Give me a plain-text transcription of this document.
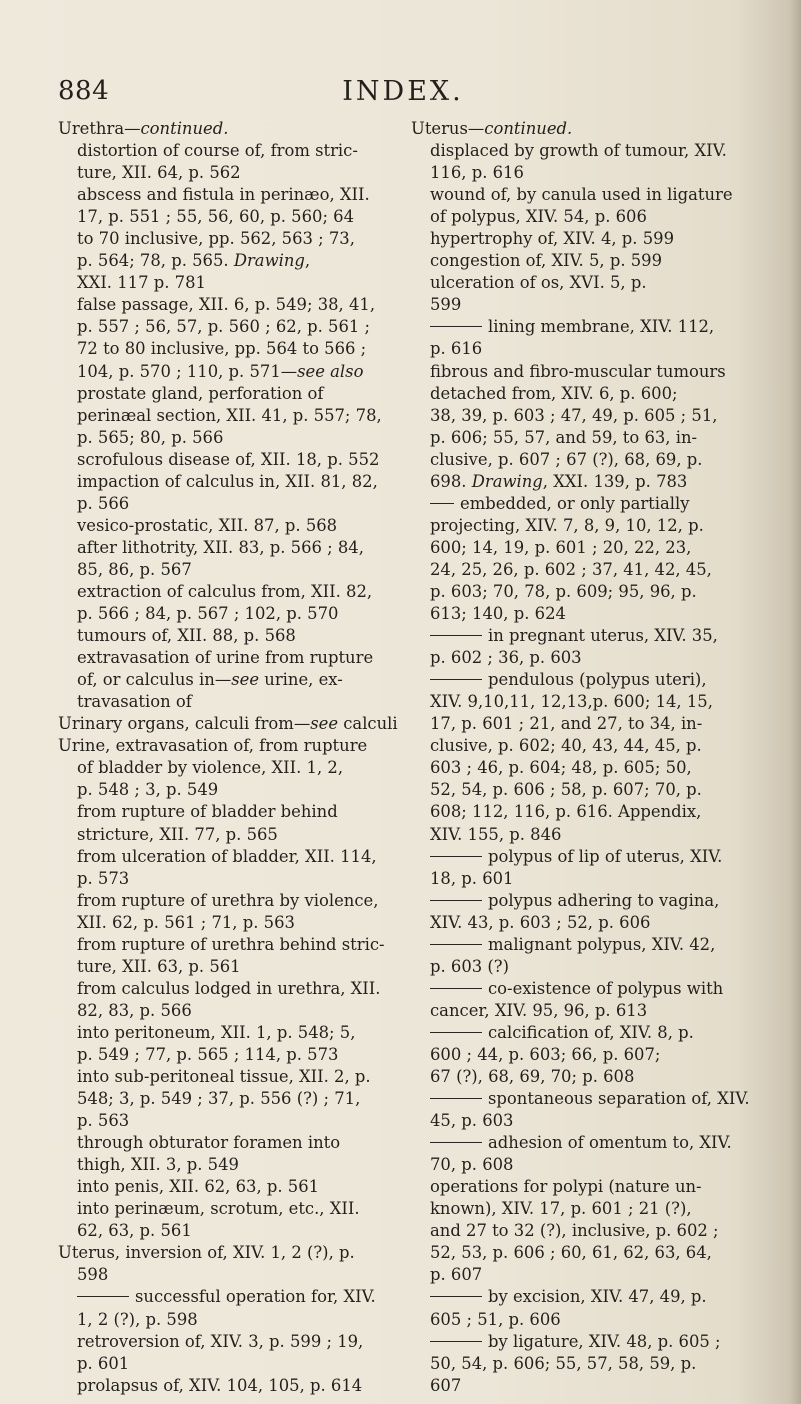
884	INDEX.
Urethra—continued.
distortion of course of, from stric-
ture, XII. 64, p. 562
abscess and fistula in perinæo, XII.
17, p. 551 ; 55, 56, 60, p. 560; 64
to 70 inclusive, pp. 562, 563 ; 73,
p. 564; 78, p. 565. Drawing,
XXI. 117 p. 781
false passage, XII. 6, p. 549; 38, 41,
p. 557 ; 56, 57, p. 560 ; 62, p. 561 ;
72 to 80 inclusive, pp. 564 to 566 ;
104, p. 570 ; 110, p. 571—see also
prostate gland, perforation of
perinæal section, XII. 41, p. 557; 78,
p. 565; 80, p. 566
scrofulous disease of, XII. 18, p. 552
impaction of calculus in, XII. 81, 82,
p. 566
vesico-prostatic, XII. 87, p. 568
after lithotrity, XII. 83, p. 566 ; 84,
85, 86, p. 567
extraction of calculus from, XII. 82,
p. 566 ; 84, p. 567 ; 102, p. 570
tumours of, XII. 88, p. 568
extravasation of urine from rupture
of, or calculus in—see urine, ex-
travasation of
Urinary organs, calculi from—see calculi
Urine, extravasation of, from rupture
of bladder by violence, XII. 1, 2,
p. 548 ; 3, p. 549
from rupture of bladder behind
stricture, XII. 77, p. 565
from ulceration of bladder, XII. 114,
p. 573
from rupture of urethra by violence,
XII. 62, p. 561 ; 71, p. 563
from rupture of urethra behind stric-
ture, XII. 63, p. 561
from calculus lodged in urethra, XII.
82, 83, p. 566
into peritoneum, XII. 1, p. 548; 5,
p. 549 ; 77, p. 565 ; 114, p. 573
into sub-peritoneal tissue, XII. 2, p.
548; 3, p. 549 ; 37, p. 556 (?) ; 71,
p. 563
through obturator foramen into
thigh, XII. 3, p. 549
into penis, XII. 62, 63, p. 561
into perinæum, scrotum, etc., XII.
62, 63, p. 561
Uterus, inversion of, XIV. 1, 2 (?), p.
598
successful operation for, XIV.
1, 2 (?), p. 598
retroversion of, XIV. 3, p. 599 ; 19,
p. 601
prolapsus of, XIV. 104, 105, p. 614
Uterus—continued.
displaced by growth of tumour, XIV.
116, p. 616
wound of, by canula used in ligature
of polypus, XIV. 54, p. 606
hypertrophy of, XIV. 4, p. 599
congestion of, XIV. 5, p. 599
ulceration of os, XVI. 5, p.
599
lining membrane, XIV. 112,
p. 616
fibrous and fibro-muscular tumours
detached from, XIV. 6, p. 600;
38, 39, p. 603 ; 47, 49, p. 605 ; 51,
p. 606; 55, 57, and 59, to 63, in-
clusive, p. 607 ; 67 (?), 68, 69, p.
698. Drawing, XXI. 139, p. 783
embedded, or only partially
projecting, XIV. 7, 8, 9, 10, 12, p.
600; 14, 19, p. 601 ; 20, 22, 23,
24, 25, 26, p. 602 ; 37, 41, 42, 45,
p. 603; 70, 78, p. 609; 95, 96, p.
613; 140, p. 624
in pregnant uterus, XIV. 35,
p. 602 ; 36, p. 603
pendulous (polypus uteri),
XIV. 9,10,11, 12,13,p. 600; 14, 15,
17, p. 601 ; 21, and 27, to 34, in-
clusive, p. 602; 40, 43, 44, 45, p.
603 ; 46, p. 604; 48, p. 605; 50,
52, 54, p. 606 ; 58, p. 607; 70, p.
608; 112, 116, p. 616. Appendix,
XIV. 155, p. 846
polypus of lip of uterus, XIV.
18, p. 601
polypus adhering to vagina,
XIV. 43, p. 603 ; 52, p. 606
malignant polypus, XIV. 42,
p. 603 (?)
co-existence of polypus with
cancer, XIV. 95, 96, p. 613
calcification of, XIV. 8, p.
600 ; 44, p. 603; 66, p. 607;
67 (?), 68, 69, 70; p. 608
spontaneous separation of, XIV.
45, p. 603
adhesion of omentum to, XIV.
70, p. 608
operations for polypi (nature un-
known), XIV. 17, p. 601 ; 21 (?),
and 27 to 32 (?), inclusive, p. 602 ;
52, 53, p. 606 ; 60, 61, 62, 63, 64,
p. 607
by excision, XIV. 47, 49, p.
605 ; 51, p. 606
by ligature, XIV. 48, p. 605 ;
50, 54, p. 606; 55, 57, 58, 59, p.
607
